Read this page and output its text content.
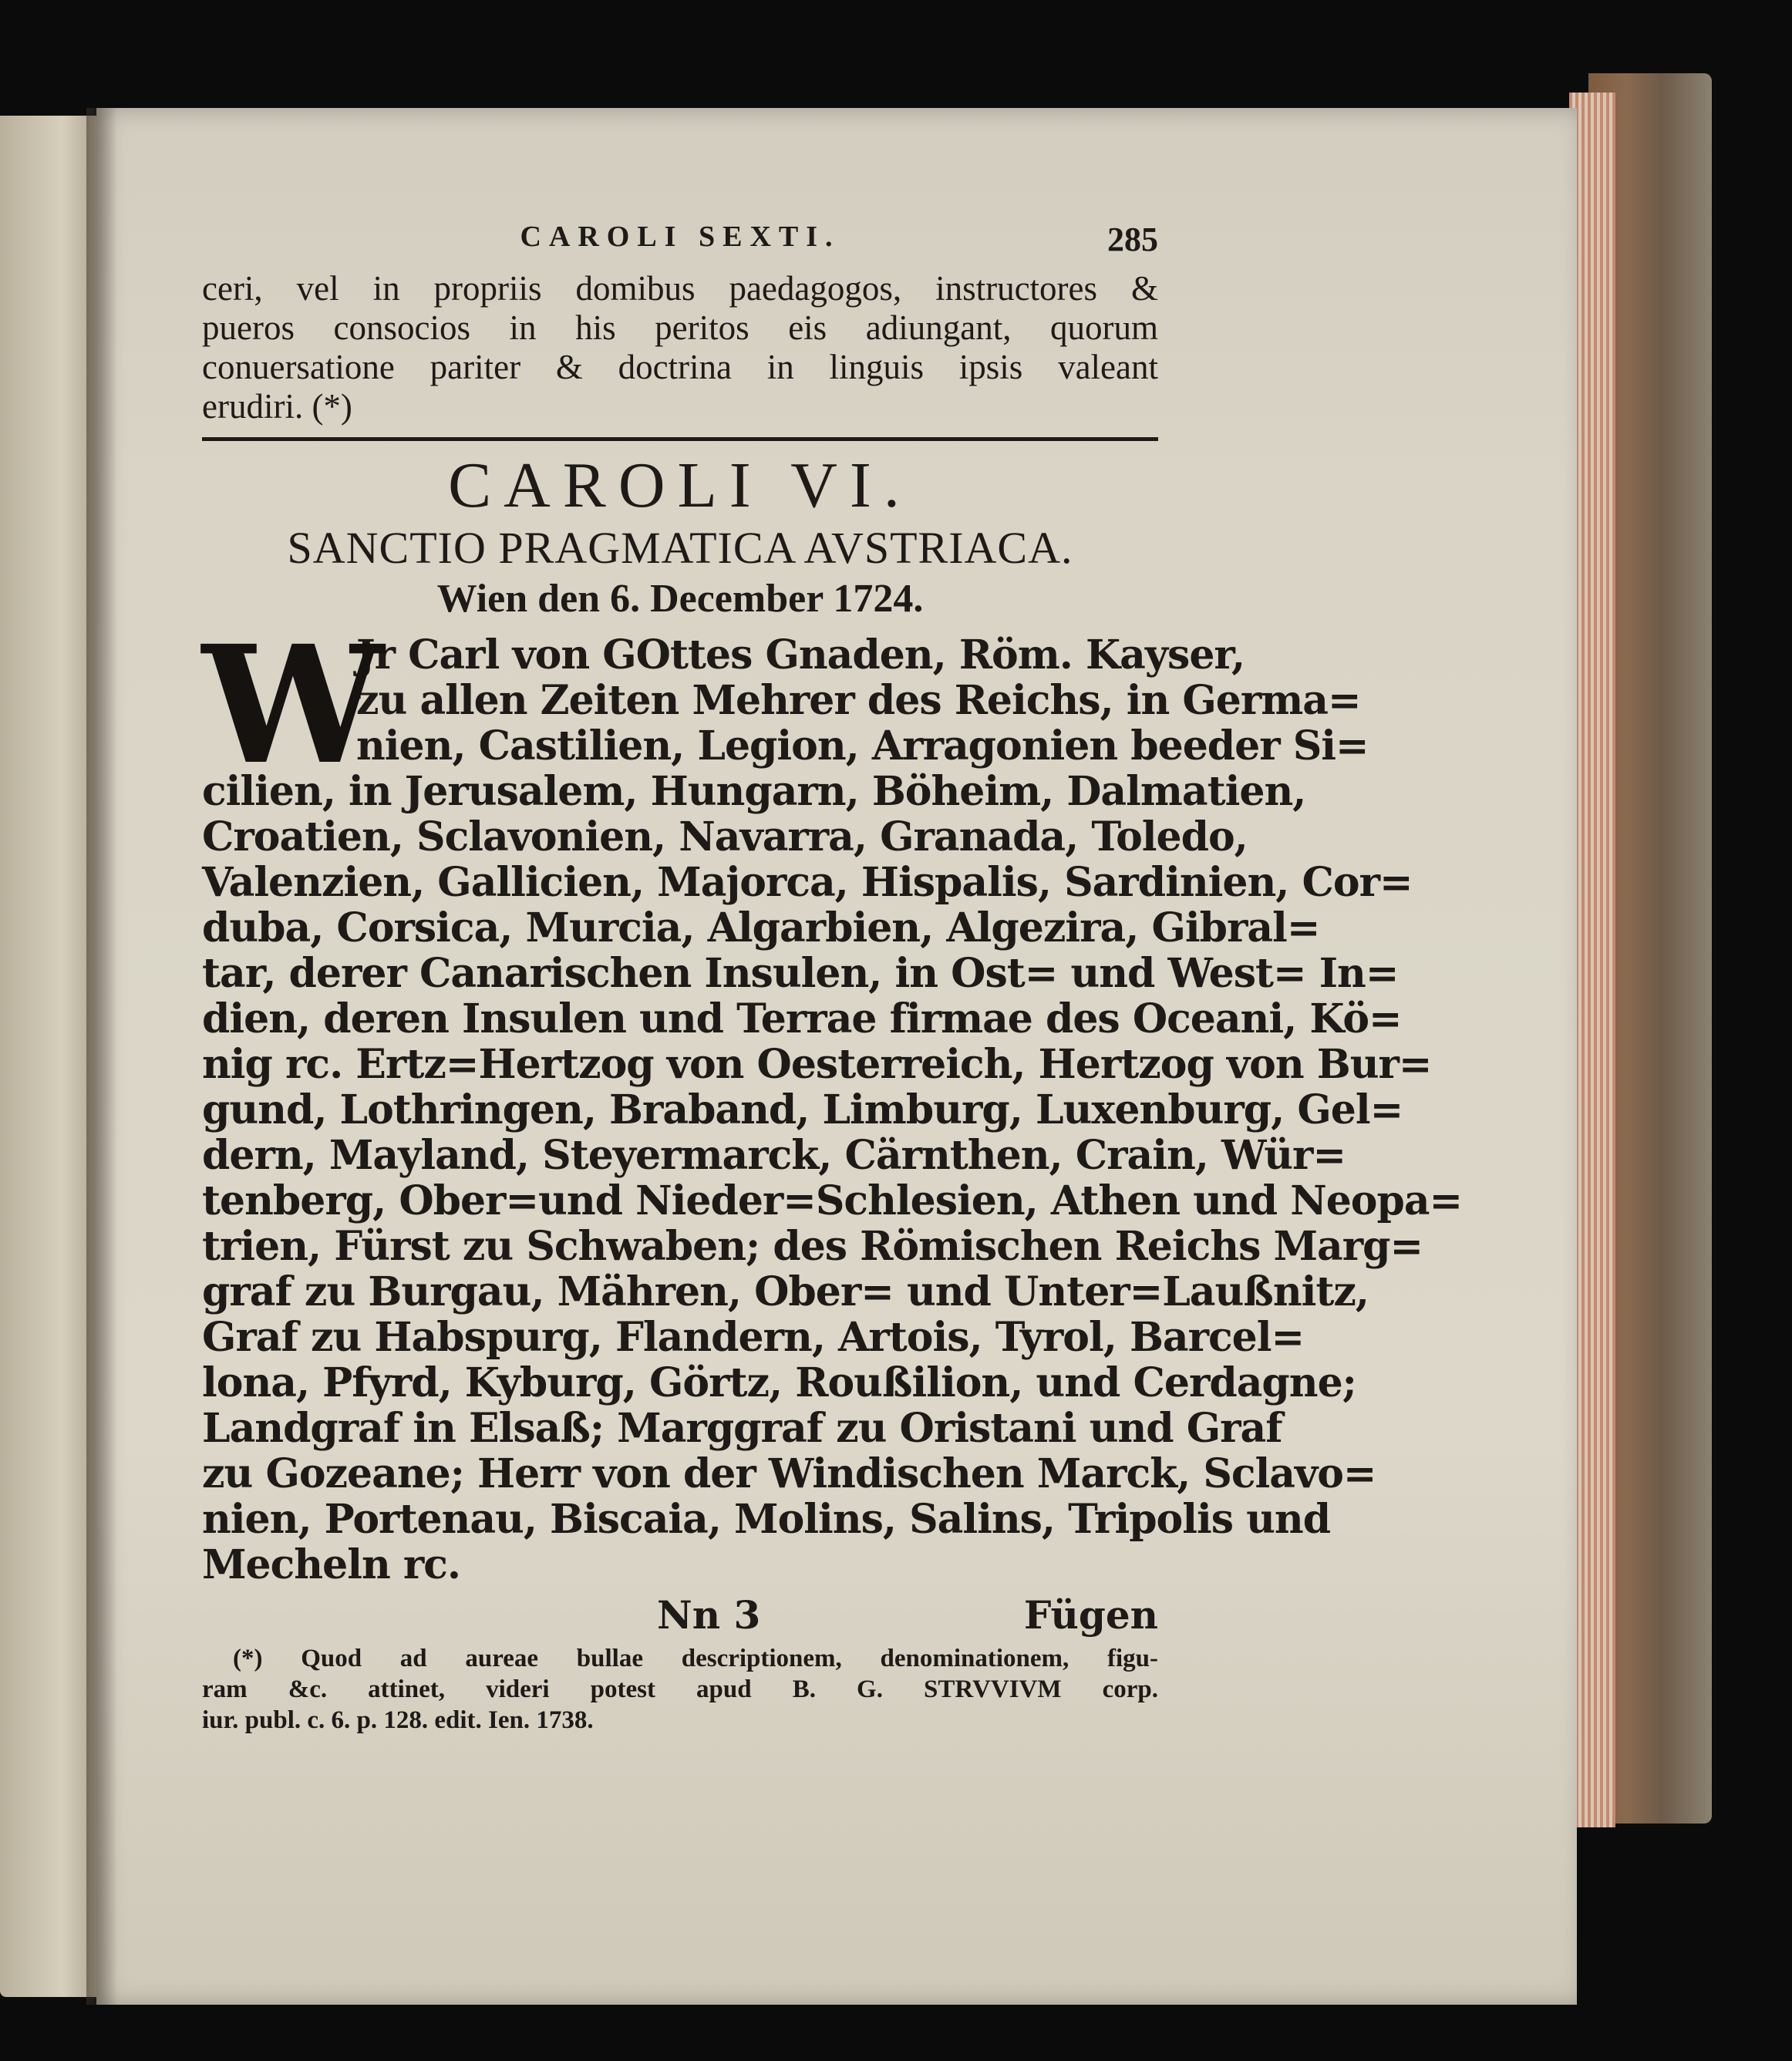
CAROLI SEXTI.	285

ceri, vel in propriis domibus paedagogos, instructores &

pueros consocios in his peritos eis adiungant, quorum

conuersatione pariter & doctrina in linguis ipsis valeant

erudiri. (*)

CAROLI VI.
SANCTIO PRAGMATICA AVSTRIACA.
Wien den 6. December 1724.
W

Jr Carl von GOttes Gnaden, Röm. Kayser,

zu allen Zeiten Mehrer des Reichs, in Germa=

nien, Castilien, Legion, Arragonien beeder Si=

cilien, in Jerusalem, Hungarn, Böheim, Dalmatien,

Croatien, Sclavonien, Navarra, Granada, Toledo,

Valenzien, Gallicien, Majorca, Hispalis, Sardinien, Cor=

duba, Corsica, Murcia, Algarbien, Algezira, Gibral=

tar, derer Canarischen Insulen, in Ost= und West= In=

dien, deren Insulen und Terrae firmae des Oceani, Kö=

nig rc. Ertz=Hertzog von Oesterreich, Hertzog von Bur=

gund, Lothringen, Braband, Limburg, Luxenburg, Gel=

dern, Mayland, Steyermarck, Cärnthen, Crain, Wür=

tenberg, Ober=und Nieder=Schlesien, Athen und Neopa=

trien, Fürst zu Schwaben; des Römischen Reichs Marg=

graf zu Burgau, Mähren, Ober= und Unter=Laußnitz,

Graf zu Habspurg, Flandern, Artois, Tyrol, Barcel=

lona, Pfyrd, Kyburg, Görtz, Roußilion, und Cerdagne;

Landgraf in Elsaß; Marggraf zu Oristani und Graf

zu Gozeane; Herr von der Windischen Marck, Sclavo=

nien, Portenau, Biscaia, Molins, Salins, Tripolis und

Mecheln rc.

Nn 3	Fügen

(*) Quod ad aureae bullae descriptionem, denominationem, figu-

ram &c. attinet, videri potest apud B. G. STRVVIVM corp.

iur. publ. c. 6. p. 128. edit. Ien. 1738.
